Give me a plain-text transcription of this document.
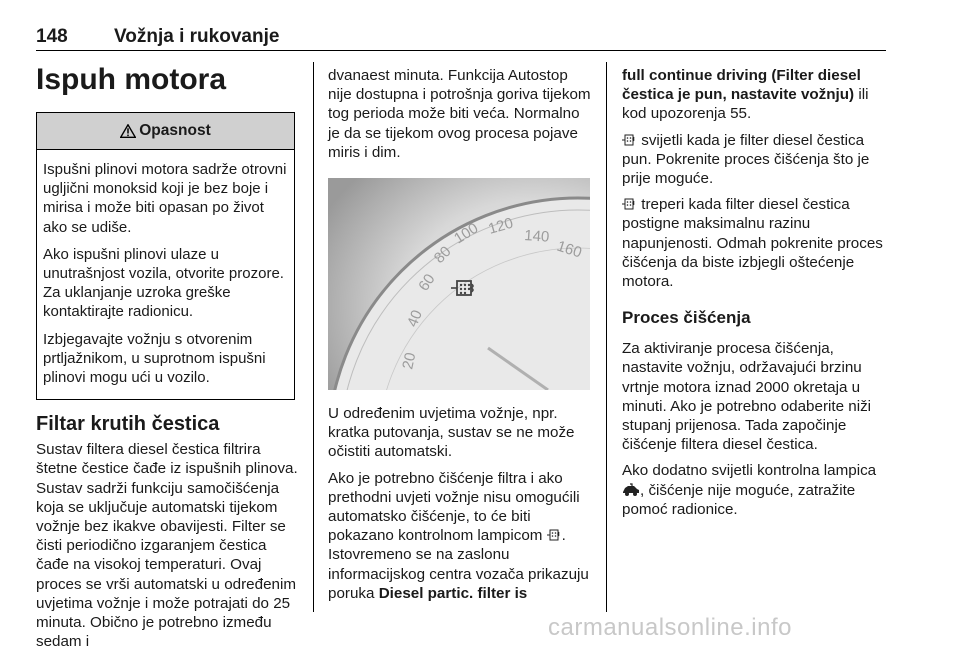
148 Vožnja i rukovanje
Ispuh motora
Opasnost

Ispušni plinovi motora sadrže otrovni ugljični monoksid koji je bez boje i mirisa i može biti opasan po život ako se udiše.

Ako ispušni plinovi ulaze u unutrašnjost vozila, otvorite prozore. Za uklanjanje uzroka greške kontaktirajte radionicu.

Izbjegavajte vožnju s otvorenim prtljažnikom, u suprotnom ispušni plinovi mogu ući u vozilo.

Filtar krutih čestica

Sustav filtera diesel čestica filtrira štetne čestice čađe iz ispušnih plinova. Sustav sadrži funkciju samočišćenja koja se uključuje automatski tijekom vožnje bez ikakve obavijesti. Filter se čisti periodično izgaranjem čestica čađe na visokoj temperaturi. Ovaj proces se vrši automatski u određenim uvjetima vožnje i može potrajati do 25 minuta. Obično je potrebno između sedam i

dvanaest minuta. Funkcija Autostop nije dostupna i potrošnja goriva tijekom tog perioda može biti veća. Normalno je da se tijekom ovog procesa pojave miris i dim.

20
40
60
80
100 120 140
160

U određenim uvjetima vožnje, npr. kratka putovanja, sustav se ne može očistiti automatski.

Ako je potrebno čišćenje filtra i ako prethodni uvjeti vožnje nisu omogućili automatsko čišćenje, to će biti pokazano kontrolnom lampicom . Istovremeno se na zaslonu informacijskog centra vozača prikazuju poruka Diesel partic. filter is

full continue driving (Filter diesel čestica je pun, nastavite vožnju) ili kod upozorenja 55.

svijetli kada je filter diesel čestica pun. Pokrenite proces čišćenja što je prije moguće.

treperi kada filter diesel čestica postigne maksimalnu razinu napunjenosti. Odmah pokrenite proces čišćenja da biste izbjegli oštećenje motora.

Proces čišćenja

Za aktiviranje procesa čišćenja, nastavite vožnju, održavajući brzinu vrtnje motora iznad 2000 okretaja u minuti. Ako je potrebno odaberite niži stupanj prijenosa. Tada započinje čišćenje filtera diesel čestica.

Ako dodatno svijetli kontrolna lampica , čišćenje nije moguće, zatražite pomoć radionice.

carmanualsonline.info
